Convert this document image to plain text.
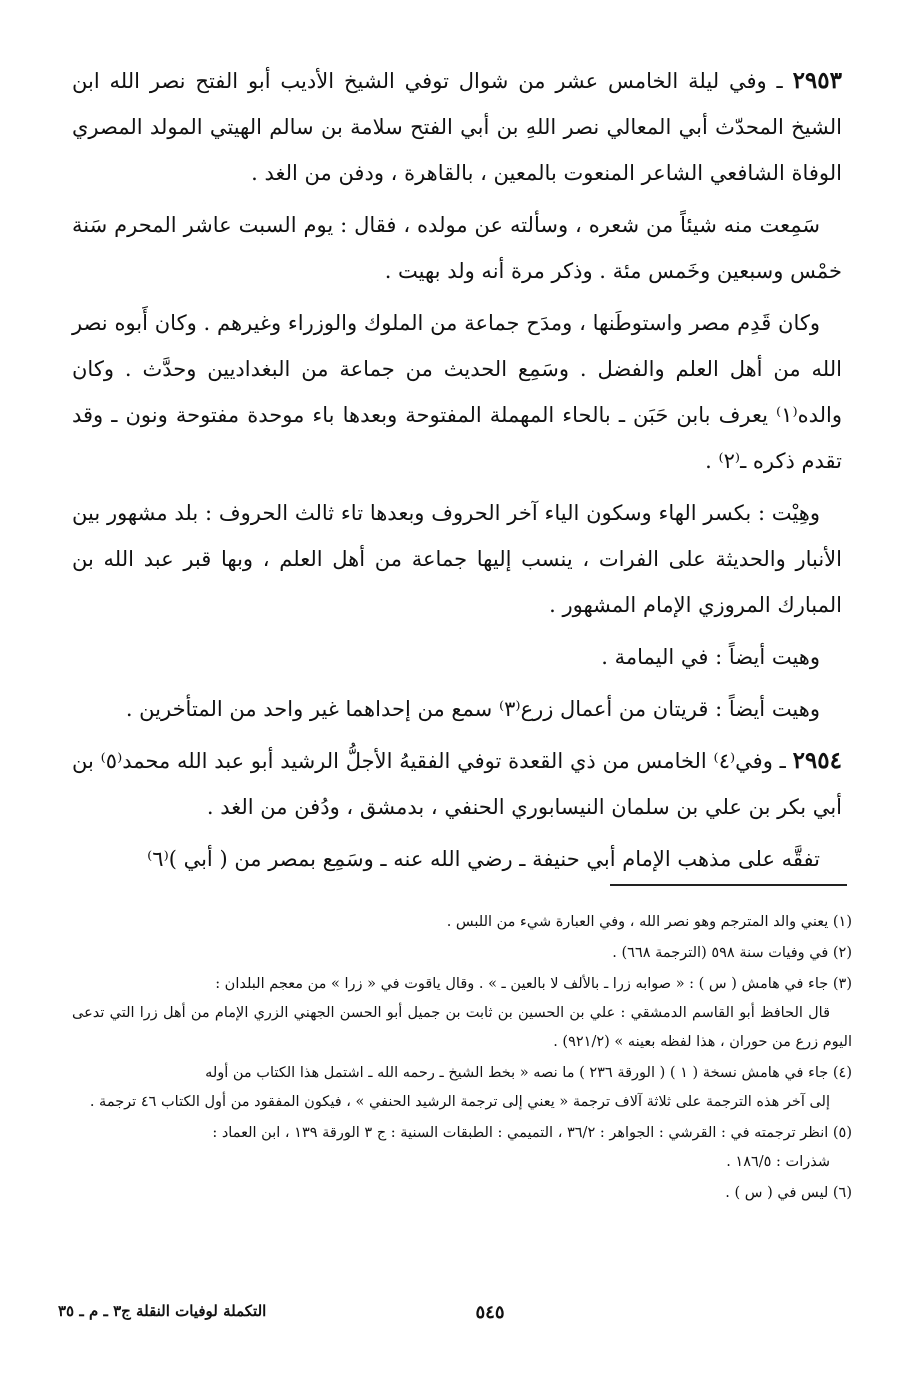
٢٩٥٣ ـ وفي ليلة الخامس عشر من شوال توفي الشيخ الأديب أبو الفتح نصر الله ابن الشيخ المحدّث أبي المعالي نصر اللهِ بن أبي الفتح سلامة بن سالم الهيتي المولد المصري الوفاة الشافعي الشاعر المنعوت بالمعين ، بالقاهرة ، ودفن من الغد .

سَمِعت منه شيئاً من شعره ، وسألته عن مولده ، فقال : يوم السبت عاشر المحرم سَنة خمْس وسبعين وخَمس مئة . وذكر مرة أنه ولد بهيت .

وكان قَدِم مصر واستوطَنها ، ومدَح جماعة من الملوك والوزراء وغيرهم . وكان أَبوه نصر الله من أهل العلم والفضل . وسَمِع الحديث من جماعة من البغداديين وحدَّث . وكان والده⁽١⁾ يعرف بابن حَبَن ـ بالحاء المهملة المفتوحة وبعدها باء موحدة مفتوحة ونون ـ وقد تقدم ذكره ـ⁽٢⁾ .

وهِيْت : بكسر الهاء وسكون الياء آخر الحروف وبعدها تاء ثالث الحروف : بلد مشهور بين الأنبار والحديثة على الفرات ، ينسب إليها جماعة من أهل العلم ، وبها قبر عبد الله بن المبارك المروزي الإمام المشهور .

وهيت أيضاً : في اليمامة .

وهيت أيضاً : قريتان من أعمال زرع⁽٣⁾ سمع من إحداهما غير واحد من المتأخرين .

٢٩٥٤ ـ وفي⁽٤⁾ الخامس من ذي القعدة توفي الفقيهُ الأجلُّ الرشيد أبو عبد الله محمد⁽٥⁾ بن أبي بكر بن علي بن سلمان النيسابوري الحنفي ، بدمشق ، ودُفن من الغد .

تفقَّه على مذهب الإمام أبي حنيفة ـ رضي الله عنه ـ وسَمِع بمصر من ( أبي )⁽٦⁾

(١) يعني والد المترجم وهو نصر الله ، وفي العبارة شيء من اللبس .

(٢) في وفيات سنة ٥٩٨ (الترجمة ٦٦٨) .

(٣) جاء في هامش ( س ) : « صوابه زرا ـ بالألف لا بالعين ـ » . وقال ياقوت في « زرا » من معجم البلدان :
قال الحافظ أبو القاسم الدمشقي : علي بن الحسين بن ثابت بن جميل أبو الحسن الجهني الزري الإمام من أهل زرا التي تدعى اليوم زرع من حوران ، هذا لفظه بعينه » (٩٢١/٢) .

(٤) جاء في هامش نسخة ( ١ ) ( الورقة ٢٣٦ ) ما نصه « بخط الشيخ ـ رحمه الله ـ اشتمل هذا الكتاب من أوله
إلى آخر هذه الترجمة على ثلاثة آلاف ترجمة « يعني إلى ترجمة الرشيد الحنفي » ، فيكون المفقود من أول الكتاب ٤٦ ترجمة .

(٥) انظر ترجمته في : القرشي : الجواهر : ٣٦/٢ ، التميمي : الطبقات السنية : ج ٣ الورقة ١٣٩ ، ابن العماد :
شذرات : ١٨٦/٥ .

(٦) ليس في ( س ) .

٥٤٥
التكملة لوفيات النقلة ج٣ ـ م ـ ٣٥
